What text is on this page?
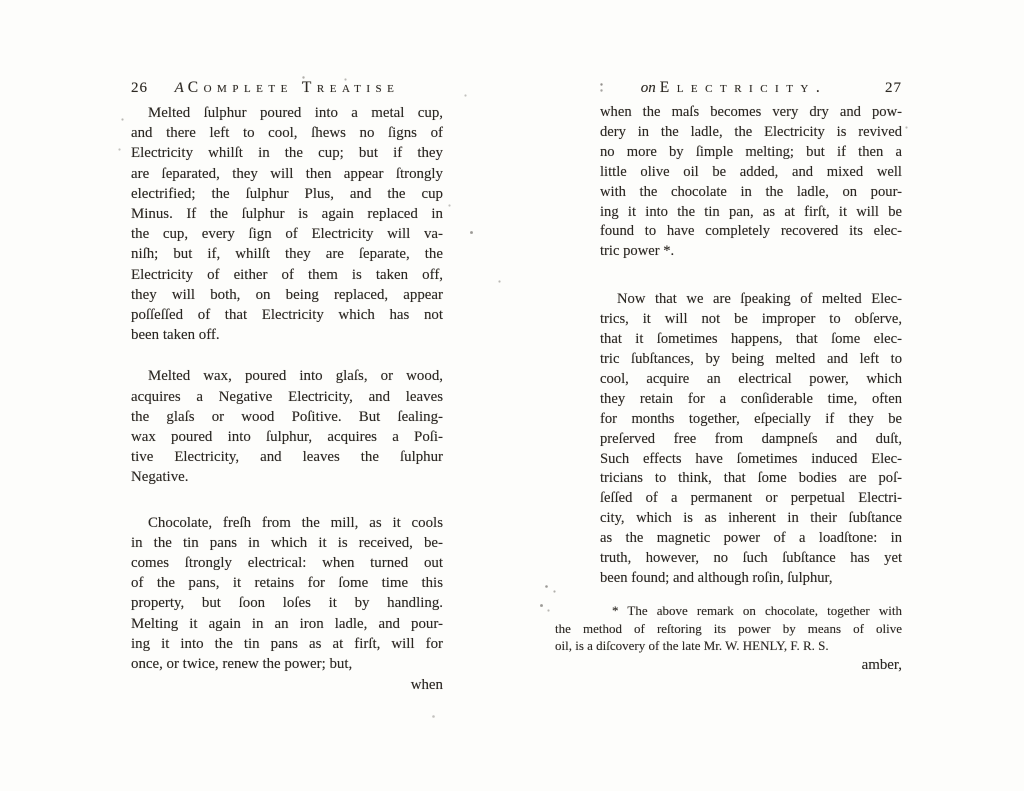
26	A Complete Treatise
Melted ſulphur poured into a metal cup,
and there left to cool, ſhews no ſigns of
Electricity whilſt in the cup; but if they
are ſeparated, they will then appear ſtrongly
electrified; the ſulphur Plus, and the cup
Minus. If the ſulphur is again replaced in
the cup, every ſign of Electricity will va-
niſh; but if, whilſt they are ſeparate, the
Electricity of either of them is taken off,
they will both, on being replaced, appear
poſſeſſed of that Electricity which has not
been taken off.
Melted wax, poured into glaſs, or wood,
acquires a Negative Electricity, and leaves
the glaſs or wood Poſitive. But ſealing-
wax poured into ſulphur, acquires a Poſi-
tive Electricity, and leaves the ſulphur
Negative.
Chocolate, freſh from the mill, as it cools
in the tin pans in which it is received, be-
comes ſtrongly electrical: when turned out
of the pans, it retains for ſome time this
property, but ſoon loſes it by handling.
Melting it again in an iron ladle, and pour-
ing it into the tin pans as at firſt, will for
once, or twice, renew the power; but,
when
on Electricity.	27
when the maſs becomes very dry and pow-
dery in the ladle, the Electricity is revived
no more by ſimple melting; but if then a
little olive oil be added, and mixed well
with the chocolate in the ladle, on pour-
ing it into the tin pan, as at firſt, it will be
found to have completely recovered its elec-
tric power *.
Now that we are ſpeaking of melted Elec-
trics, it will not be improper to obſerve,
that it ſometimes happens, that ſome elec-
tric ſubſtances, by being melted and left to
cool, acquire an electrical power, which
they retain for a conſiderable time, often
for months together, eſpecially if they be
preſerved free from dampneſs and duſt,
Such effects have ſometimes induced Elec-
tricians to think, that ſome bodies are poſ-
ſeſſed of a permanent or perpetual Electri-
city, which is as inherent in their ſubſtance
as the magnetic power of a loadſtone: in
truth, however, no ſuch ſubſtance has yet
been found; and although roſin, ſulphur,
* The above remark on chocolate, together with
the method of reſtoring its power by means of olive
oil, is a diſcovery of the late Mr. W. HENLY, F. R. S.
amber,
